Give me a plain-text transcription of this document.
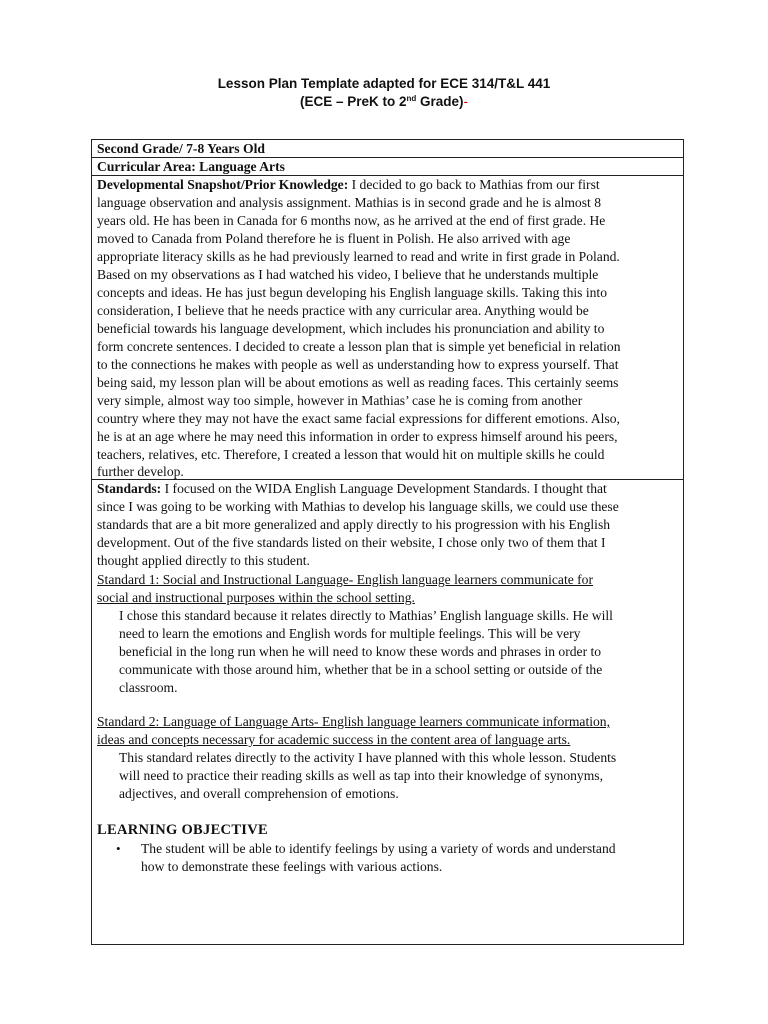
Lesson Plan Template adapted for ECE 314/T&L 441
(ECE – PreK to 2nd Grade)-
Second Grade/ 7-8 Years Old
Curricular Area: Language Arts
Developmental Snapshot/Prior Knowledge: I decided to go back to Mathias from our first
language observation and analysis assignment. Mathias is in second grade and he is almost 8
years old. He has been in Canada for 6 months now, as he arrived at the end of first grade. He
moved to Canada from Poland therefore he is fluent in Polish. He also arrived with age
appropriate literacy skills as he had previously learned to read and write in first grade in Poland.
Based on my observations as I had watched his video, I believe that he understands multiple
concepts and ideas. He has just begun developing his English language skills. Taking this into
consideration, I believe that he needs practice with any curricular area. Anything would be
beneficial towards his language development, which includes his pronunciation and ability to
form concrete sentences. I decided to create a lesson plan that is simple yet beneficial in relation
to the connections he makes with people as well as understanding how to express yourself. That
being said, my lesson plan will be about emotions as well as reading faces. This certainly seems
very simple, almost way too simple, however in Mathias’ case he is coming from another
country where they may not have the exact same facial expressions for different emotions. Also,
he is at an age where he may need this information in order to express himself around his peers,
teachers, relatives, etc. Therefore, I created a lesson that would hit on multiple skills he could
further develop.
Standards: I focused on the WIDA English Language Development Standards. I thought that
since I was going to be working with Mathias to develop his language skills, we could use these
standards that are a bit more generalized and apply directly to his progression with his English
development. Out of the five standards listed on their website, I chose only two of them that I
thought applied directly to this student.
Standard 1: Social and Instructional Language- English language learners communicate for
social and instructional purposes within the school setting.
I chose this standard because it relates directly to Mathias’ English language skills. He will
need to learn the emotions and English words for multiple feelings. This will be very
beneficial in the long run when he will need to know these words and phrases in order to
communicate with those around him, whether that be in a school setting or outside of the
classroom.
Standard 2: Language of Language Arts- English language learners communicate information,
ideas and concepts necessary for academic success in the content area of language arts.
This standard relates directly to the activity I have planned with this whole lesson. Students
will need to practice their reading skills as well as tap into their knowledge of synonyms,
adjectives, and overall comprehension of emotions.
LEARNING OBJECTIVE
• The student will be able to identify feelings by using a variety of words and understand
how to demonstrate these feelings with various actions.
